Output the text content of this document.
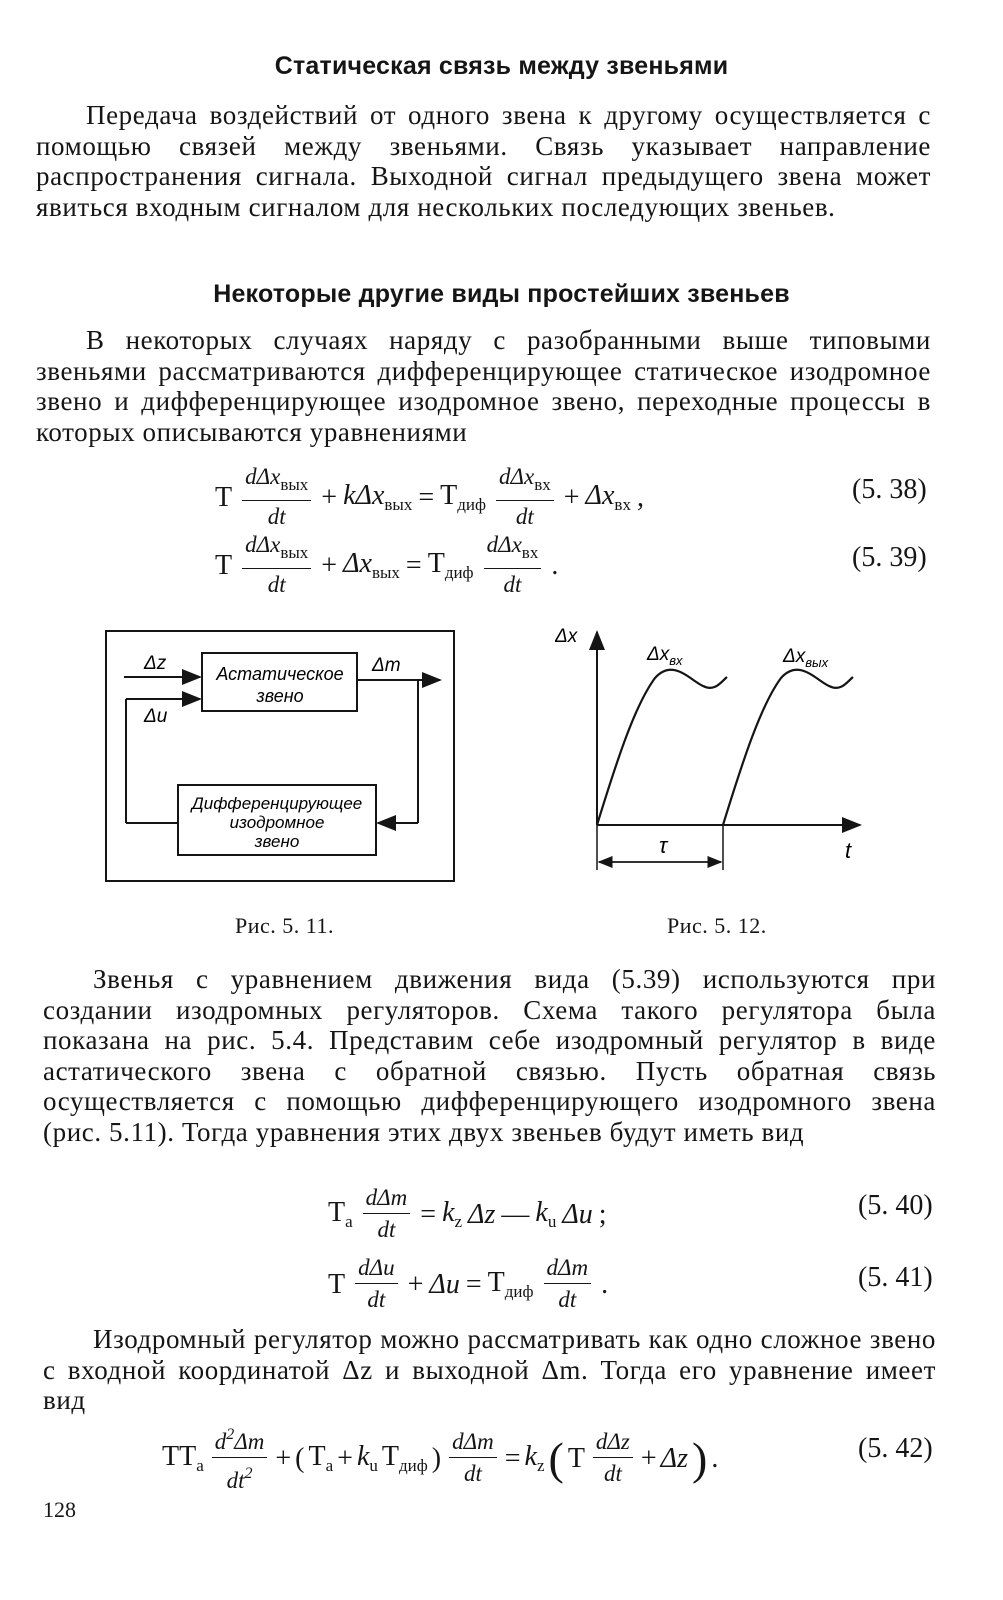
Статическая связь между звеньями
Передача воздействий от одного звена к другому осуществляется с помощью связей между звеньями. Связь указывает направление распространения сигнала. Выходной сигнал предыдущего звена может явиться входным сигналом для нескольких последующих звеньев.
Некоторые другие виды простейших звеньев
В некоторых случаях наряду с разобранными выше типовыми звеньями рассматриваются дифференцирующее статическое изодромное звено и дифференцирующее изодромное звено, переходные процессы в которых описываются уравнениями
T $\frac{d\Delta x_{вых}}{dt} + k\Delta x_{вых} = T_{диф} \frac{d\Delta x_{вх}}{dt} + \Delta x_{вх}$ ,	(5. 38)
T $\frac{d\Delta x_{вых}}{dt} + \Delta x_{вых} = T_{диф} \frac{d\Delta x_{вх}}{dt}$ .	(5. 39)
Δz
Δu
Δm
Астатическое
звено
Дифференцирующее
изодромное
звено
Δx
$\Delta x_{вх}$	$\Delta x_{вых}$
τ	t
Рис. 5. 11.	Рис. 5. 12.
Звенья с уравнением движения вида (5.39) используются при создании изодромных регуляторов. Схема такого регулятора была показана на рис. 5.4. Представим себе изодромный регулятор в виде астатического звена с обратной связью. Пусть обратная связь осуществляется с помощью дифференцирующего изодромного звена (рис. 5.11). Тогда уравнения этих двух звеньев будут иметь вид
$T_а \frac{\text{dΔm}}{dt} = k_z$ Δz — $k_u$ Δu ;	(5. 40)
T $\frac{\text{dΔu}}{dt} + \Delta u = T_{диф} \frac{\text{dΔm}}{dt}$ .	(5. 41)
Изодромный регулятор можно рассматривать как одно сложное звено с входной координатой Δz и выходной Δm. Тогда его уравнение имеет вид
$TT_а \frac{d^2\Delta m}{dt^2}$ + ( $T_а + k_u$ $T_{диф}$ ) $\frac{\text{dΔm}}{dt} = k_z$ ( T $\frac{\text{dΔz}}{dt} + \Delta z$ ) .	(5. 42)
128
